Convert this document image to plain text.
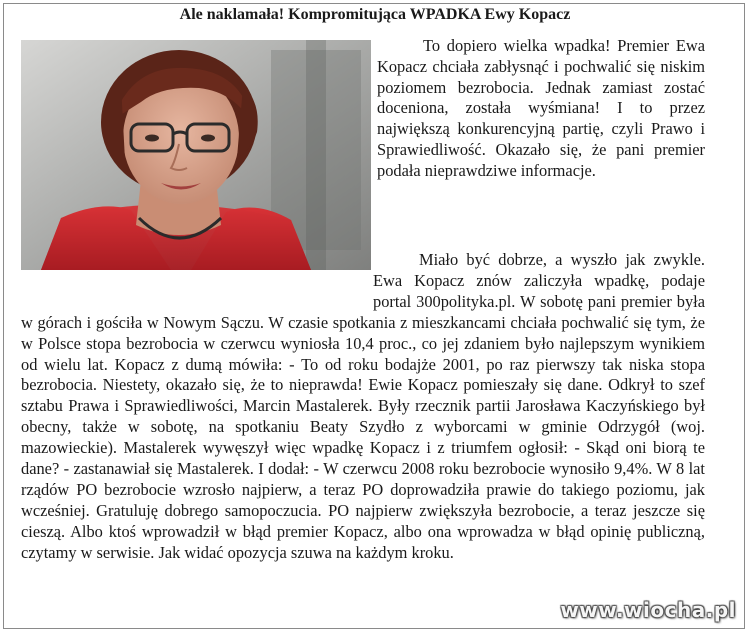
Ale naklamała! Kompromitująca WPADKA Ewy Kopacz
To dopiero wielka wpadka! Premier Ewa Kopacz chciała zabłysnąć i pochwalić się niskim poziomem bezrobocia. Jednak zamiast zostać doceniona, została wyśmiana! I to przez największą konkurencyjną partię, czyli Prawo i Sprawiedliwość. Okazało się, że pani premier podała nieprawdziwe informacje.
Miało być dobrze, a wyszło jak zwykle. Ewa Kopacz znów zaliczyła wpadkę, podaje portal 300polityka.pl. W sobotę pani premier była w górach i gościła w Nowym Sączu. W czasie spotkania z mieszkancami chciała pochwalić się tym, że w Polsce stopa bezrobocia w czerwcu wyniosła 10,4 proc., co jej zdaniem było najlepszym wynikiem od wielu lat. Kopacz z dumą mówiła: - To od roku bodajże 2001, po raz pierwszy tak niska stopa bezrobocia. Niestety, okazało się, że to nieprawda! Ewie Kopacz pomieszały się dane. Odkrył to szef sztabu Prawa i Sprawiedliwości, Marcin Mastalerek. Były rzecznik partii Jarosława Kaczyńskiego był obecny, także w sobotę, na spotkaniu Beaty Szydło z wyborcami w gminie Odrzygół (woj. mazowieckie). Mastalerek wywęszył więc wpadkę Kopacz i z triumfem ogłosił: - Skąd oni biorą te dane? - zastanawiał się Mastalerek. I dodał: - W czerwcu 2008 roku bezrobocie wynosiło 9,4%. W 8 lat rządów PO bezrobocie wzrosło najpierw, a teraz PO doprowadziła prawie do takiego poziomu, jak wcześniej. Gratuluję dobrego samopoczucia. PO najpierw zwiększyła bezrobocie, a teraz jeszcze się cieszą. Albo ktoś wprowadził w błąd premier Kopacz, albo ona wprowadza w błąd opinię publiczną, czytamy w serwisie. Jak widać opozycja szuwa na każdym kroku.
www.wiocha.pl
